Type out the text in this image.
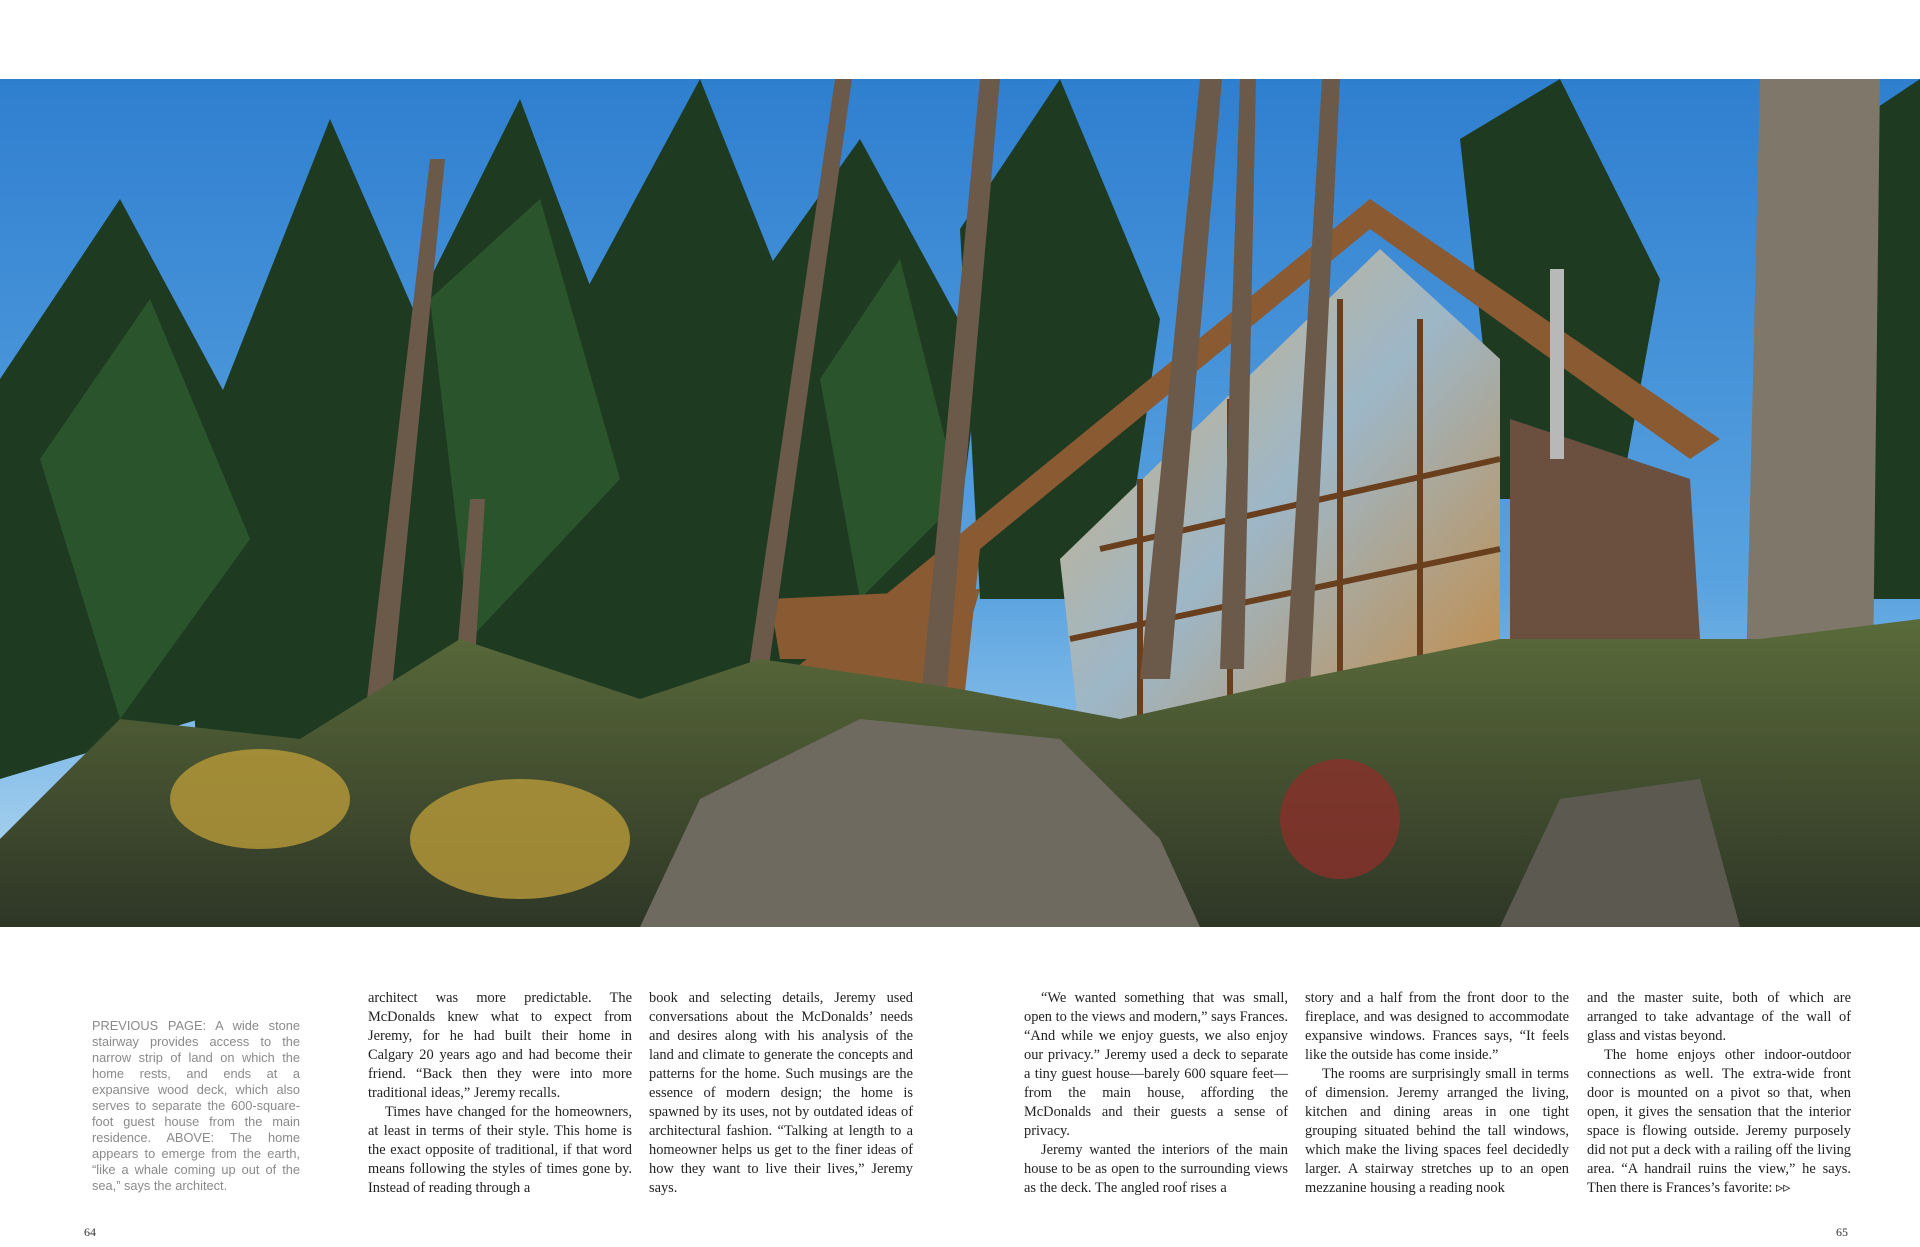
PREVIOUS PAGE: A wide stone stairway provides access to the narrow strip of land on which the home rests, and ends at a expansive wood deck, which also serves to separate the 600-square-foot guest house from the main residence. ABOVE: The home appears to emerge from the earth, “like a whale coming up out of the sea,” says the architect.

architect was more predictable. The McDonalds knew what to expect from Jeremy, for he had built their home in Calgary 20 years ago and had become their friend. “Back then they were into more traditional ideas,” Jeremy recalls.

Times have changed for the homeowners, at least in terms of their style. This home is the exact opposite of traditional, if that word means following the styles of times gone by. Instead of reading through a

book and selecting details, Jeremy used conversations about the McDonalds’ needs and desires along with his analysis of the land and climate to generate the concepts and patterns for the home. Such musings are the essence of modern design; the home is spawned by its uses, not by outdated ideas of architectural fashion. “Talking at length to a homeowner helps us get to the finer ideas of how they want to live their lives,” Jeremy says.

“We wanted something that was small, open to the views and modern,” says Frances. “And while we enjoy guests, we also enjoy our privacy.” Jeremy used a deck to separate a tiny guest house—barely 600 square feet—from the main house, affording the McDonalds and their guests a sense of privacy.

Jeremy wanted the interiors of the main house to be as open to the surrounding views as the deck. The angled roof rises a

story and a half from the front door to the fireplace, and was designed to accommodate expansive windows. Frances says, “It feels like the outside has come inside.”

The rooms are surprisingly small in terms of dimension. Jeremy arranged the living, kitchen and dining areas in one tight grouping situated behind the tall windows, which make the living spaces feel decidedly larger. A stairway stretches up to an open mezzanine housing a reading nook

and the master suite, both of which are arranged to take advantage of the wall of glass and vistas beyond.

The home enjoys other indoor-outdoor connections as well. The extra-wide front door is mounted on a pivot so that, when open, it gives the sensation that the interior space is flowing outside. Jeremy purposely did not put a deck with a railing off the living area. “A handrail ruins the view,” he says. Then there is Frances’s favorite: ▹▹

64	65
